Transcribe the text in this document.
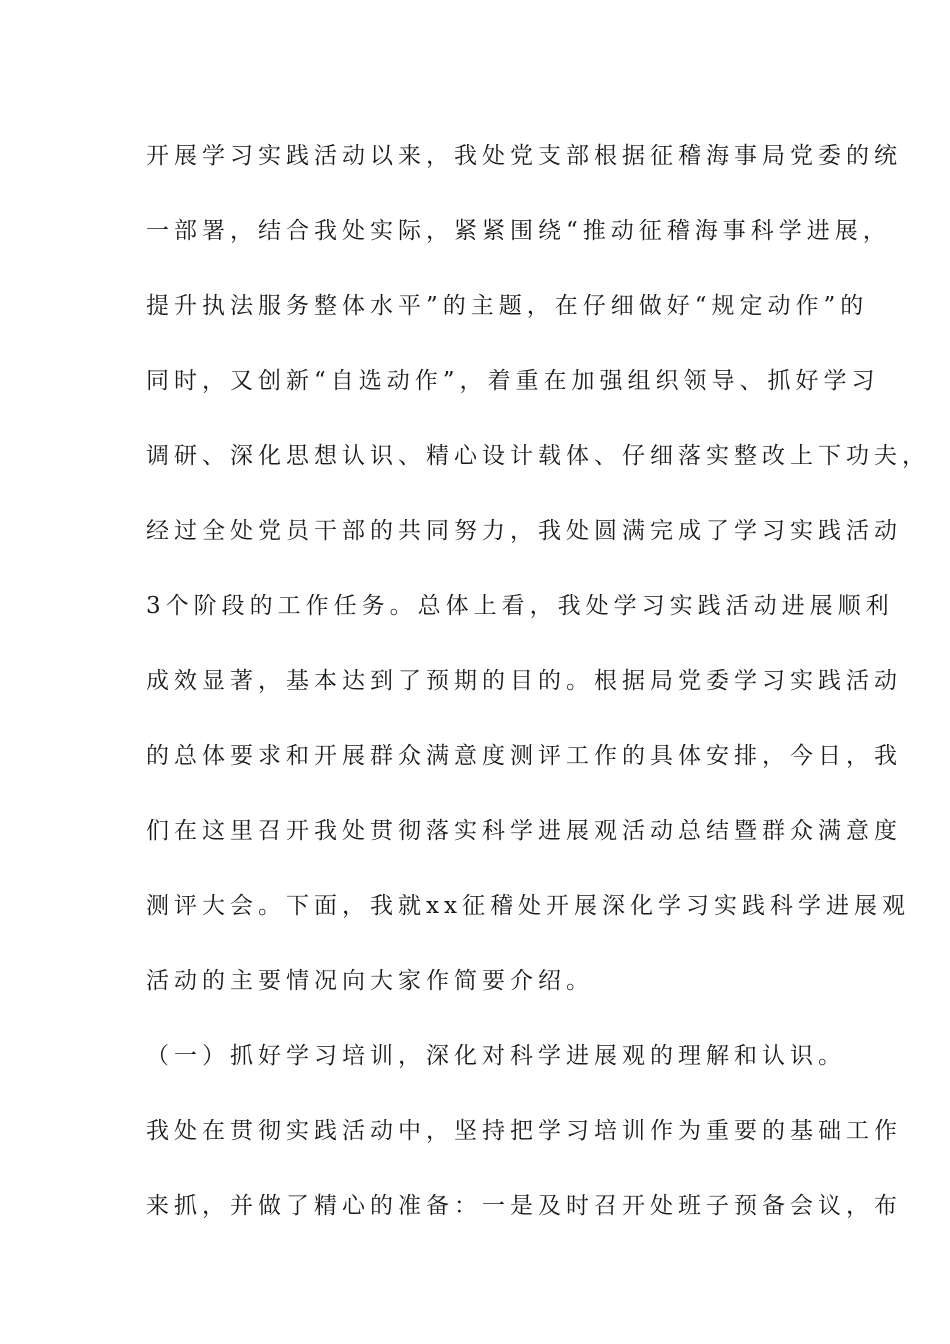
开展学习实践活动以来，我处党支部根据征稽海事局党委的统
一部署，结合我处实际，紧紧围绕“推动征稽海事科学进展，
提升执法服务整体水平”的主题，在仔细做好“规定动作”的
同时，又创新“自选动作”，着重在加强组织领导、抓好学习
调研、深化思想认识、精心设计载体、仔细落实整改上下功夫，
经过全处党员干部的共同努力，我处圆满完成了学习实践活动
3个阶段的工作任务。总体上看，我处学习实践活动进展顺利
成效显著，基本达到了预期的目的。根据局党委学习实践活动
的总体要求和开展群众满意度测评工作的具体安排，今日，我
们在这里召开我处贯彻落实科学进展观活动总结暨群众满意度
测评大会。下面，我就xx征稽处开展深化学习实践科学进展观
活动的主要情况向大家作简要介绍。
（一）抓好学习培训，深化对科学进展观的理解和认识。
我处在贯彻实践活动中，坚持把学习培训作为重要的基础工作
来抓，并做了精心的准备：一是及时召开处班子预备会议，布
